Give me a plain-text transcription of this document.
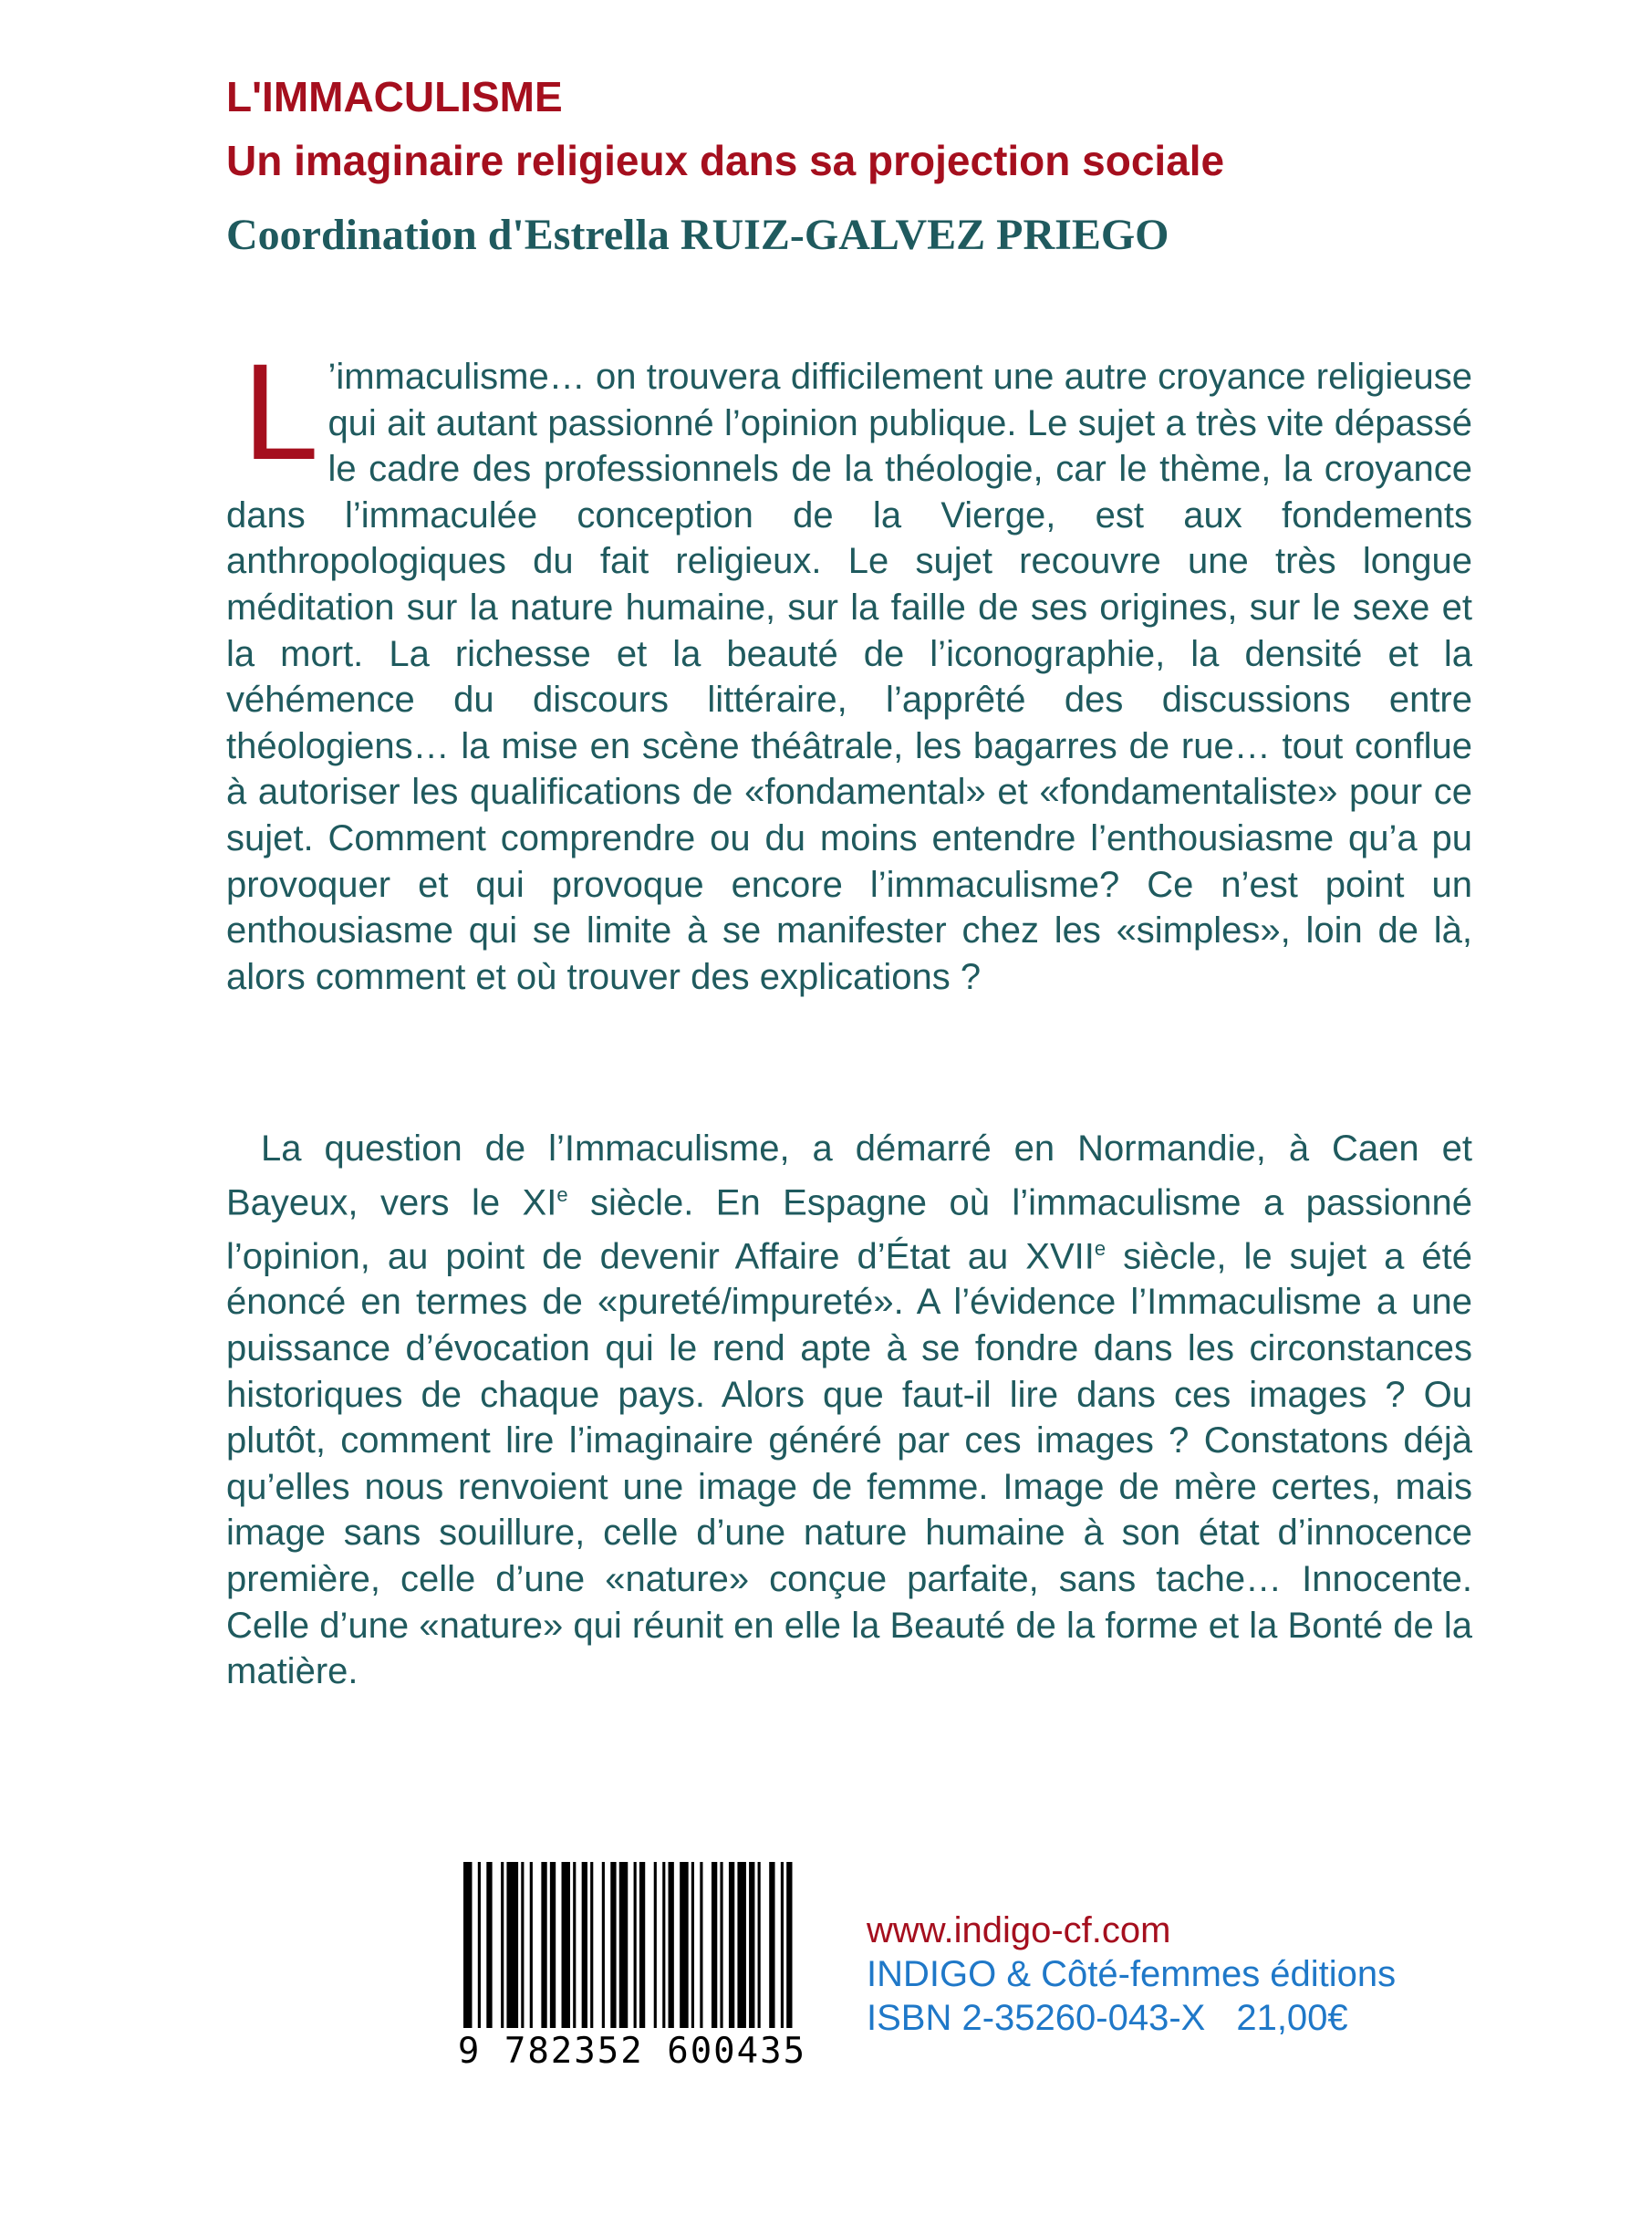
L'IMMACULISME
Un imaginaire religieux dans sa projection sociale
Coordination d'Estrella RUIZ-GALVEZ PRIEGO

L ’immaculisme… on trouvera difficilement une autre croyance religieuse qui ait autant passionné l’opinion publique. Le sujet a très vite dépassé le cadre des professionnels de la théologie, car le thème, la croyance dans l’immaculée conception de la Vierge, est aux fondements anthropologiques du fait religieux. Le sujet recouvre une très longue méditation sur la nature humaine, sur la faille de ses origines, sur le sexe et la mort. La richesse et la beauté de l’iconographie, la densité et la véhémence du discours littéraire, l’apprêté des discussions entre théologiens… la mise en scène théâtrale, les bagarres de rue… tout conflue à autoriser les qualifications de «fondamental» et «fondamentaliste» pour ce sujet. Comment comprendre ou du moins entendre l’enthousiasme qu’a pu provoquer et qui provoque encore l’immaculisme? Ce n’est point un enthousiasme qui se limite à se manifester chez les «simples», loin de là, alors comment et où trouver des explications ?

La question de l’Immaculisme, a démarré en Normandie, à Caen et Bayeux, vers le XIe siècle. En Espagne où l’immaculisme a passionné l’opinion, au point de devenir Affaire d’État au XVIIe siècle, le sujet a été énoncé en termes de «pureté/impureté». A l’évidence l’Immaculisme a une puissance d’évocation qui le rend apte à se fondre dans les circonstances historiques de chaque pays. Alors que faut-il lire dans ces images ? Ou plutôt, comment lire l’imaginaire généré par ces images ? Constatons déjà qu’elles nous renvoient une image de femme. Image de mère certes, mais image sans souillure, celle d’une nature humaine à son état d’innocence première, celle d’une «nature» conçue parfaite, sans tache… Innocente. Celle d’une «nature» qui réunit en elle la Beauté de la forme et la Bonté de la matière.

9 782352 600435
www.indigo-cf.com
INDIGO & Côté-femmes éditions
ISBN 2-35260-043-X 21,00€
